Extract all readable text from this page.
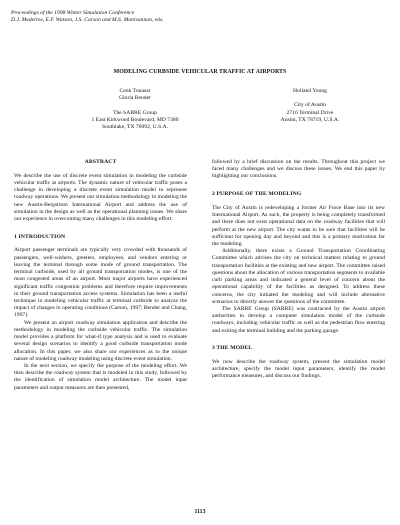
Proceedings of the 1998 Winter Simulation Conference
D.J. Medeiros, E.F. Watson, J.S. Carson and M.S. Manivannan, eds.
MODELING CURBSIDE VEHICULAR TRAFFIC AT AIRPORTS
Cenk Tunasar
Gloria Bender
The SABRE Group
1 East Kirkwood Boulevard, MD 7380
Southlake, TX 76092, U.S.A.
Holland Young
City of Austin
2716 Terminal Drive
Austin, TX 78719, U.S.A.
ABSTRACT

We describe the use of discrete event simulation in modeling the curbside vehicular traffic at airports. The dynamic nature of vehicular traffic poses a challenge in developing a discrete event simulation model to represent roadway operations. We present our simulation methodology in modeling the new Austin-Bergstrom International Airport and address the use of simulation in the design as well as the operational planning issues. We share our experience in overcoming many challenges in this modeling effort.

1 INTRODUCTION

Airport passenger terminals are typically very crowded with thousands of passengers, well-wishers, greeters, employees, and vendors entering or leaving the terminal through some mode of ground transportation. The terminal curbside, used by all ground transportation modes, is one of the most congested areas of an airport. Most major airports have experienced significant traffic congestion problems and therefore require improvements in their ground transportation access systems. Simulation has been a useful technique in modeling vehicular traffic at terminal curbside to analyze the impact of changes in operating conditions (Carson, 1997; Bender and Chang, 1997).

We present an airport roadway simulation application and describe the methodology in modeling the curbside vehicular traffic. The simulation model provides a platform for what-if type analysis and is used to evaluate several design scenarios to identify a good curbside transportation mode allocation. In this paper, we also share our experiences as to the unique nature of modeling roadway modeling using discrete event simulation.

In the next section, we specify the purpose of the modeling effort. We then describe the roadway system that is modeled in this study, followed by the identification of simulation model architecture. The model input parameters and output measures are then presented,

followed by a brief discussion on the results. Throughout this project we faced many challenges and we discuss these issues. We end this paper by highlighting our conclusions.

2 PURPOSE OF THE MODELING

The City of Austin is redeveloping a former Air Force Base into its new International Airport. As such, the property is being completely transformed and there does not exist operational data on the roadway facilities that will perform at the new airport. The city wants to be sure that facilities will be sufficient for opening day and beyond and this is a primary motivation for the modeling.

Additionally, there exists a Ground Transportation Coordinating Committee which advises the city on technical matters relating to ground transportation facilities at the existing and new airport. The committee raised questions about the allocation of various transportation segments to available curb parking areas and indicated a general level of concern about the operational capability of the facilities as designed. To address these concerns, the city initiated the modeling and will include alternative scenarios to directly answer the questions of the committee.

The SABRE Group (SABRE) was contracted by the Austin airport authorities to develop a computer simulation model of the curbside roadways, including vehicular traffic as well as the pedestrian flow entering and exiting the terminal building and the parking garage.

3 THE MODEL

We now describe the roadway system, present the simulation model architecture, specify the model input parameters, identify the model performance measures, and discuss our findings.

1113
